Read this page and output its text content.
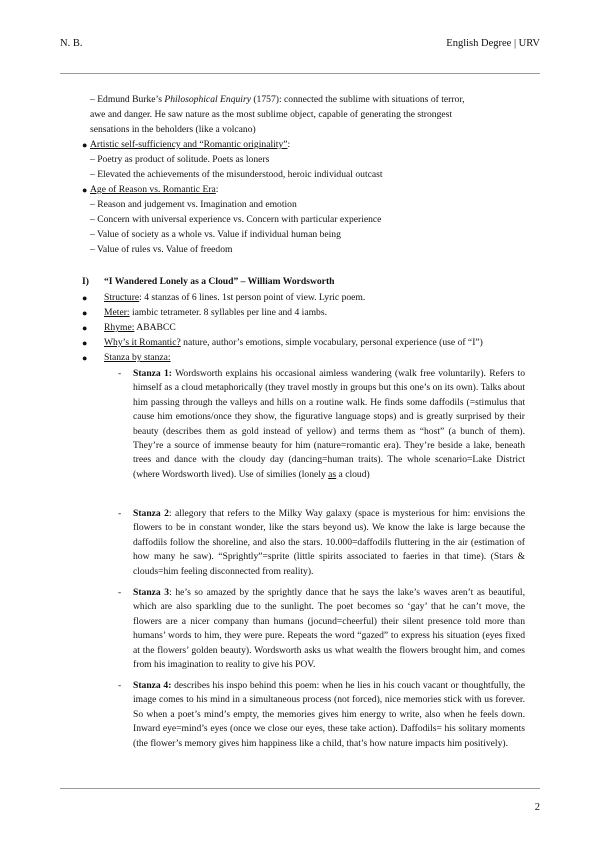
N. B.	English Degree | URV
– Edmund Burke’s Philosophical Enquiry (1757): connected the sublime with situations of terror,
awe and danger. He saw nature as the most sublime object, capable of generating the strongest
sensations in the beholders (like a volcano)
● Artistic self-sufficiency and “Romantic originality”:
– Poetry as product of solitude. Poets as loners
– Elevated the achievements of the misunderstood, heroic individual outcast
● Age of Reason vs. Romantic Era:
– Reason and judgement vs. Imagination and emotion
– Concern with universal experience vs. Concern with particular experience
– Value of society as a whole vs. Value if individual human being
– Value of rules vs. Value of freedom
I) “I Wandered Lonely as a Cloud” – William Wordsworth
● Structure: 4 stanzas of 6 lines. 1st person point of view. Lyric poem.
● Meter: iambic tetrameter. 8 syllables per line and 4 iambs.
● Rhyme: ABABCC
● Why’s it Romantic? nature, author’s emotions, simple vocabulary, personal experience (use of “I”)
● Stanza by stanza:
- Stanza 1: Wordsworth explains his occasional aimless wandering (walk free voluntarily). Refers to himself as a cloud metaphorically (they travel mostly in groups but this one’s on its own). Talks about him passing through the valleys and hills on a routine walk. He finds some daffodils (=stimulus that cause him emotions/once they show, the figurative language stops) and is greatly surprised by their beauty (describes them as gold instead of yellow) and terms them as “host” (a bunch of them). They’re a source of immense beauty for him (nature=romantic era). They’re beside a lake, beneath trees and dance with the cloudy day (dancing=human traits). The whole scenario=Lake District (where Wordsworth lived). Use of similies (lonely as a cloud)

- Stanza 2: allegory that refers to the Milky Way galaxy (space is mysterious for him: envisions the flowers to be in constant wonder, like the stars beyond us). We know the lake is large because the daffodils follow the shoreline, and also the stars. 10.000=daffodils fluttering in the air (estimation of how many he saw). “Sprightly”=sprite (little spirits associated to faeries in that time). (Stars & clouds=him feeling disconnected from reality).

- Stanza 3: he’s so amazed by the sprightly dance that he says the lake’s waves aren’t as beautiful, which are also sparkling due to the sunlight. The poet becomes so ‘gay’ that he can’t move, the flowers are a nicer company than humans (jocund=cheerful) their silent presence told more than humans’ words to him, they were pure. Repeats the word “gazed” to express his situation (eyes fixed at the flowers’ golden beauty). Wordsworth asks us what wealth the flowers brought him, and comes from his imagination to reality to give his POV.

- Stanza 4: describes his inspo behind this poem: when he lies in his couch vacant or thoughtfully, the image comes to his mind in a simultaneous process (not forced), nice memories stick with us forever. So when a poet’s mind’s empty, the memories gives him energy to write, also when he feels down. Inward eye=mind’s eyes (once we close our eyes, these take action). Daffodils= his solitary moments (the flower’s memory gives him happiness like a child, that’s how nature impacts him positively).

2
